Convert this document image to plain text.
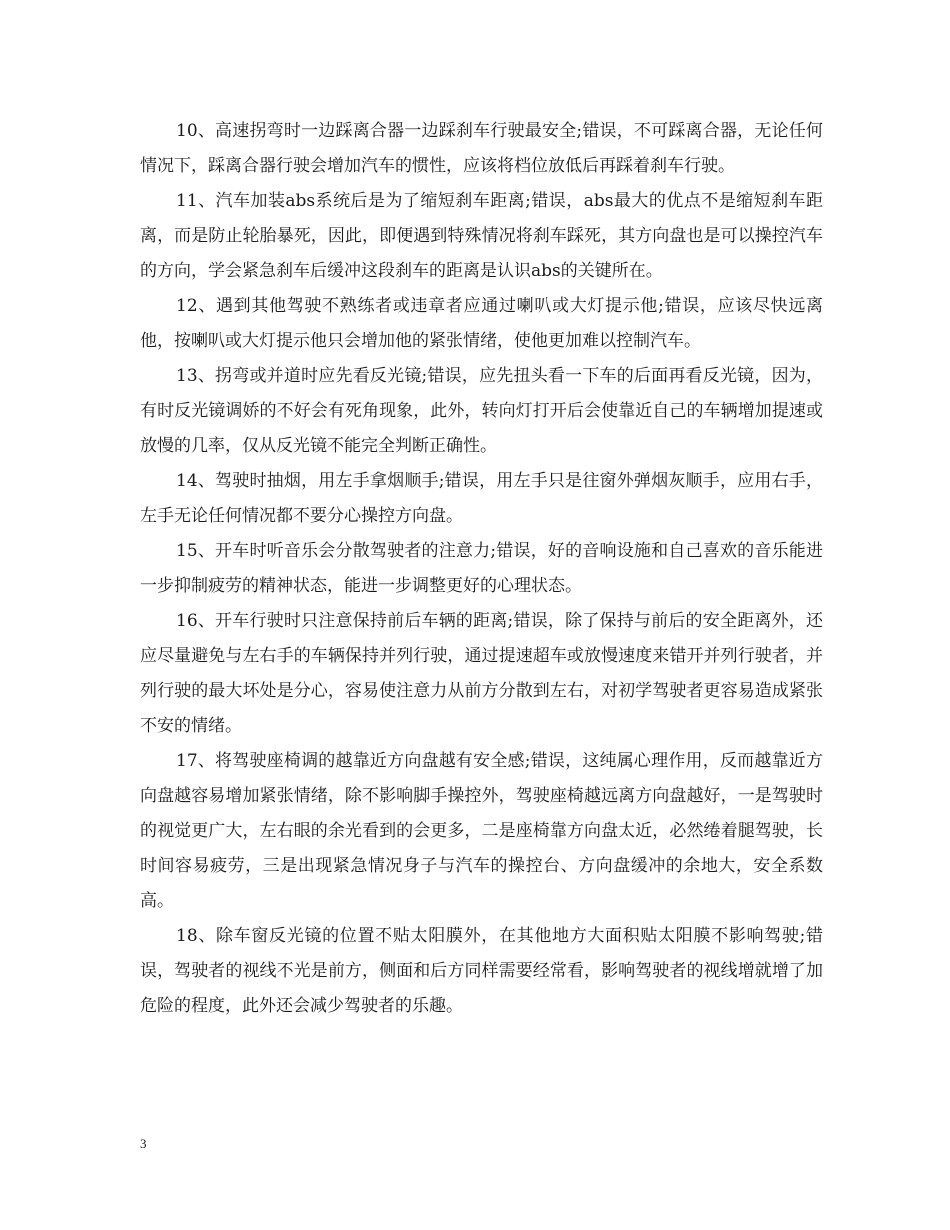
10、高速拐弯时一边踩离合器一边踩刹车行驶最安全;错误，不可踩离合器，无论任何情况下，踩离合器行驶会增加汽车的惯性，应该将档位放低后再踩着刹车行驶。

11、汽车加装abs系统后是为了缩短刹车距离;错误，abs最大的优点不是缩短刹车距离，而是防止轮胎暴死，因此，即便遇到特殊情况将刹车踩死，其方向盘也是可以操控汽车的方向，学会紧急刹车后缓冲这段刹车的距离是认识abs的关键所在。

12、遇到其他驾驶不熟练者或违章者应通过喇叭或大灯提示他;错误，应该尽快远离他，按喇叭或大灯提示他只会增加他的紧张情绪，使他更加难以控制汽车。

13、拐弯或并道时应先看反光镜;错误，应先扭头看一下车的后面再看反光镜，因为，有时反光镜调娇的不好会有死角现象，此外，转向灯打开后会使靠近自己的车辆增加提速或放慢的几率，仅从反光镜不能完全判断正确性。

14、驾驶时抽烟，用左手拿烟顺手;错误，用左手只是往窗外弹烟灰顺手，应用右手，左手无论任何情况都不要分心操控方向盘。

15、开车时听音乐会分散驾驶者的注意力;错误，好的音响设施和自己喜欢的音乐能进一步抑制疲劳的精神状态，能进一步调整更好的心理状态。

16、开车行驶时只注意保持前后车辆的距离;错误，除了保持与前后的安全距离外，还应尽量避免与左右手的车辆保持并列行驶，通过提速超车或放慢速度来错开并列行驶者，并列行驶的最大坏处是分心，容易使注意力从前方分散到左右，对初学驾驶者更容易造成紧张不安的情绪。

17、将驾驶座椅调的越靠近方向盘越有安全感;错误，这纯属心理作用，反而越靠近方向盘越容易增加紧张情绪，除不影响脚手操控外，驾驶座椅越远离方向盘越好，一是驾驶时的视觉更广大，左右眼的余光看到的会更多，二是座椅靠方向盘太近，必然绻着腿驾驶，长时间容易疲劳，三是出现紧急情况身子与汽车的操控台、方向盘缓冲的余地大，安全系数高。

18、除车窗反光镜的位置不贴太阳膜外，在其他地方大面积贴太阳膜不影响驾驶;错误，驾驶者的视线不光是前方，侧面和后方同样需要经常看，影响驾驶者的视线增就增了加危险的程度，此外还会减少驾驶者的乐趣。

3
